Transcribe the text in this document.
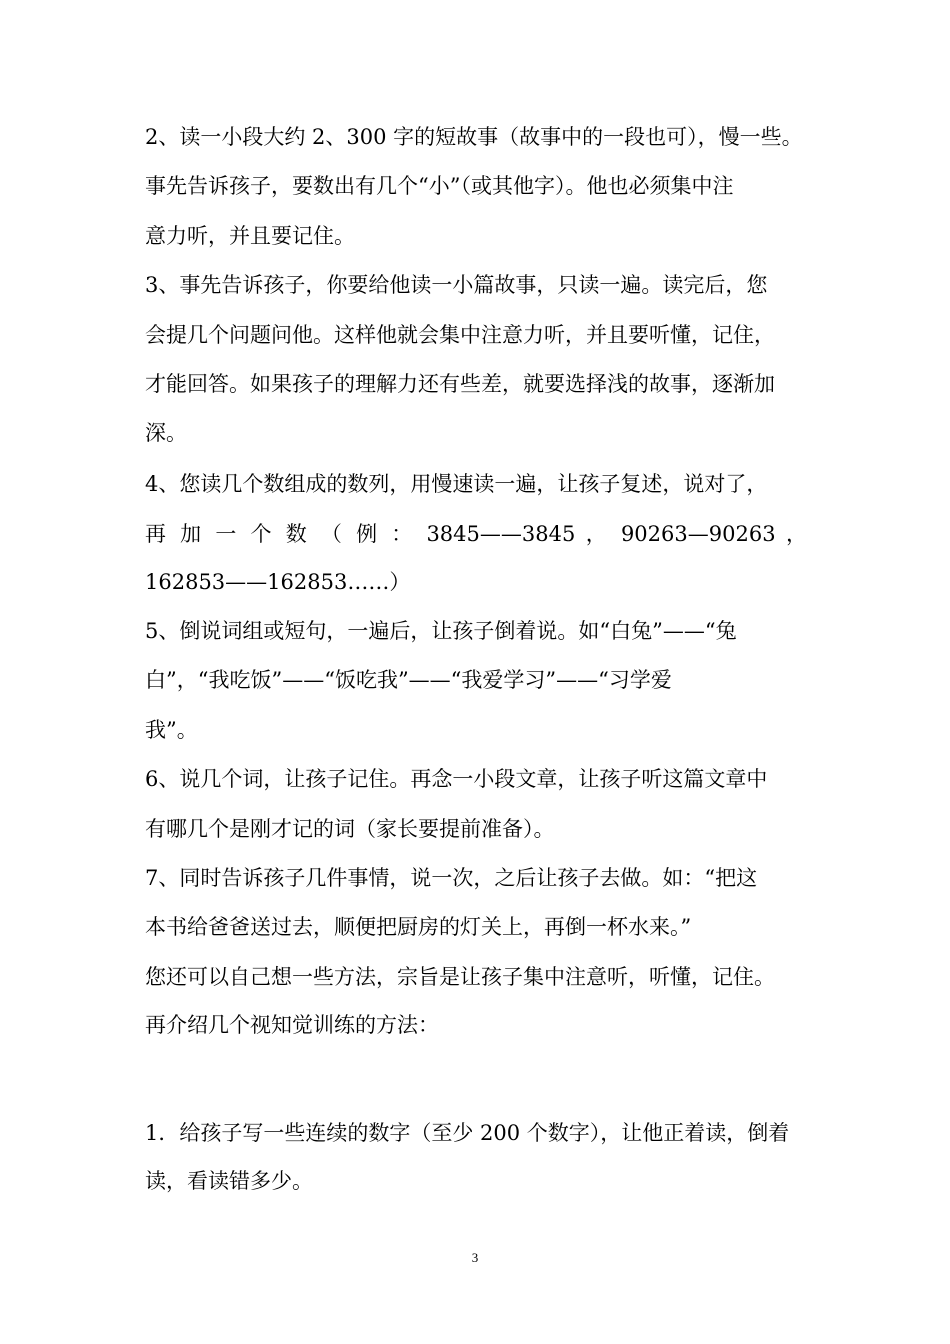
2、读一小段大约 2、300 字的短故事（故事中的一段也可），慢一些。
事先告诉孩子，要数出有几个“小”（或其他字）。他也必须集中注
意力听，并且要记住。
3、事先告诉孩子，你要给他读一小篇故事，只读一遍。读完后，您
会提几个问题问他。这样他就会集中注意力听，并且要听懂，记住，
才能回答。如果孩子的理解力还有些差，就要选择浅的故事，逐渐加
深。
4、您读几个数组成的数列，用慢速读一遍，让孩子复述，说对了，
再 加 一 个 数 （ 例 ： 3845——3845 ， 90263—90263 ，
162853——162853……）
5、倒说词组或短句，一遍后，让孩子倒着说。如“白兔”——“兔
白”，“我吃饭”——“饭吃我”——“我爱学习”——“习学爱
我”。
6、说几个词，让孩子记住。再念一小段文章，让孩子听这篇文章中
有哪几个是刚才记的词（家长要提前准备）。
7、同时告诉孩子几件事情，说一次，之后让孩子去做。如：“把这
本书给爸爸送过去，顺便把厨房的灯关上，再倒一杯水来。”
您还可以自己想一些方法，宗旨是让孩子集中注意听，听懂，记住。
再介绍几个视知觉训练的方法：
1．给孩子写一些连续的数字（至少 200 个数字），让他正着读，倒着
读，看读错多少。
3
